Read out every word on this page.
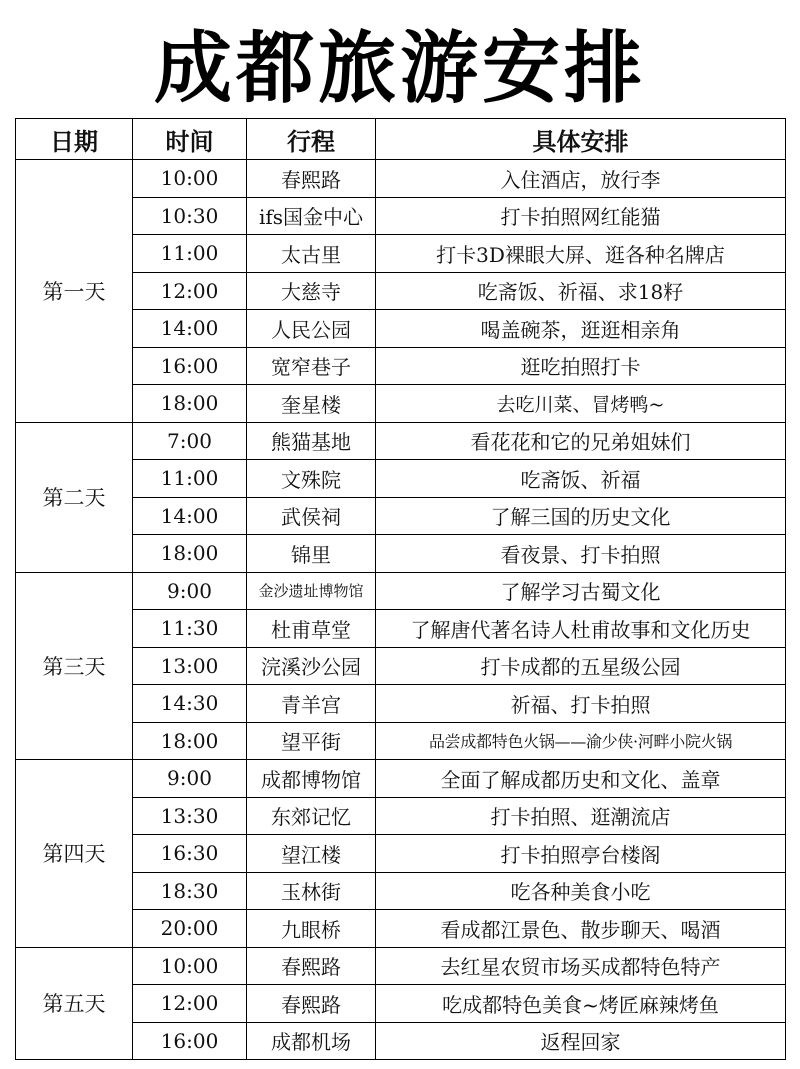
成都旅游安排
日期	时间	行程	具体安排
第一天	10:00	春熙路	入住酒店，放行李
	10:30	ifs国金中心	打卡拍照网红能猫
	11:00	太古里	打卡3D裸眼大屏、逛各种名牌店
	12:00	大慈寺	吃斋饭、祈福、求18籽
	14:00	人民公园	喝盖碗茶，逛逛相亲角
	16:00	宽窄巷子	逛吃拍照打卡
	18:00	奎星楼	去吃川菜、冒烤鸭~
第二天	7:00	熊猫基地	看花花和它的兄弟姐妹们
	11:00	文殊院	吃斋饭、祈福
	14:00	武侯祠	了解三国的历史文化
	18:00	锦里	看夜景、打卡拍照
第三天	9:00	金沙遗址博物馆	了解学习古蜀文化
	11:30	杜甫草堂	了解唐代著名诗人杜甫故事和文化历史
	13:00	浣溪沙公园	打卡成都的五星级公园
	14:30	青羊宫	祈福、打卡拍照
	18:00	望平街	品尝成都特色火锅——渝少侠·河畔小院火锅
第四天	9:00	成都博物馆	全面了解成都历史和文化、盖章
	13:30	东郊记忆	打卡拍照、逛潮流店
	16:30	望江楼	打卡拍照亭台楼阁
	18:30	玉林街	吃各种美食小吃
	20:00	九眼桥	看成都江景色、散步聊天、喝酒
第五天	10:00	春熙路	去红星农贸市场买成都特色特产
	12:00	春熙路	吃成都特色美食~烤匠麻辣烤鱼
	16:00	成都机场	返程回家
